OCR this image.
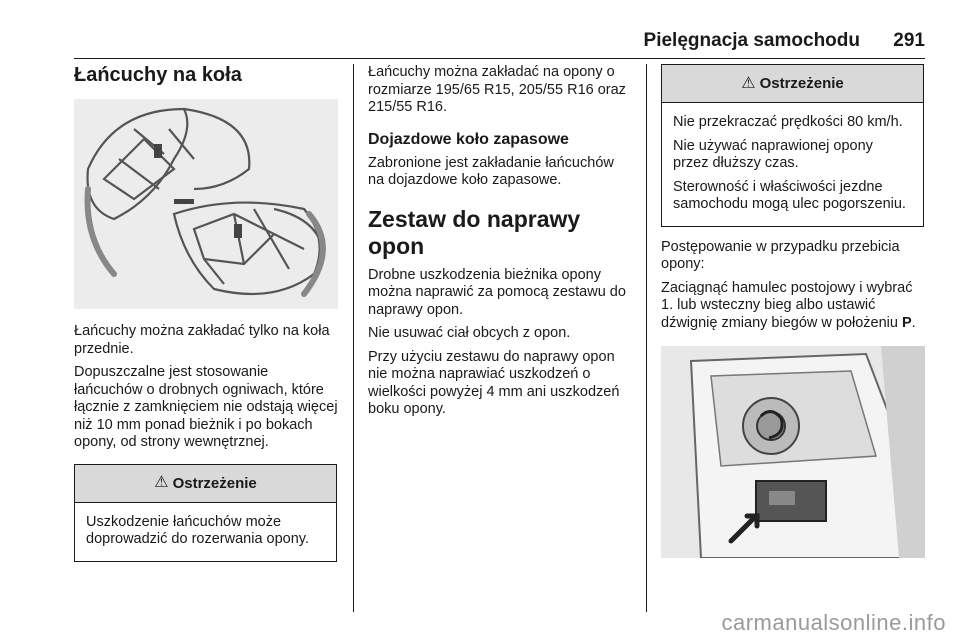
Pielęgnacja samochodu 291
Łańcuchy na koła

Łańcuchy można zakładać tylko na koła przednie.

Dopuszczalne jest stosowanie łańcuchów o drobnych ogniwach, które łącznie z zamknięciem nie odstają więcej niż 10 mm ponad bieżnik i po bokach opony, od strony wewnętrznej.

⚠ Ostrzeżenie

Uszkodzenie łańcuchów może doprowadzić do rozerwania opony.

Łańcuchy można zakładać na opony o rozmiarze 195/65 R15, 205/55 R16 oraz 215/55 R16.

Dojazdowe koło zapasowe

Zabronione jest zakładanie łańcuchów na dojazdowe koło zapasowe.

Zestaw do naprawy opon

Drobne uszkodzenia bieżnika opony można naprawić za pomocą zestawu do naprawy opon.

Nie usuwać ciał obcych z opon.

Przy użyciu zestawu do naprawy opon nie można naprawiać uszkodzeń o wielkości powyżej 4 mm ani uszkodzeń boku opony.

⚠ Ostrzeżenie

Nie przekraczać prędkości 80 km/h.

Nie używać naprawionej opony przez dłuższy czas.

Sterowność i właściwości jezdne samochodu mogą ulec pogorszeniu.

Postępowanie w przypadku przebicia opony:

Zaciągnąć hamulec postojowy i wybrać 1. lub wsteczny bieg albo ustawić dźwignię zmiany biegów w położeniu P.

carmanualsonline.info
